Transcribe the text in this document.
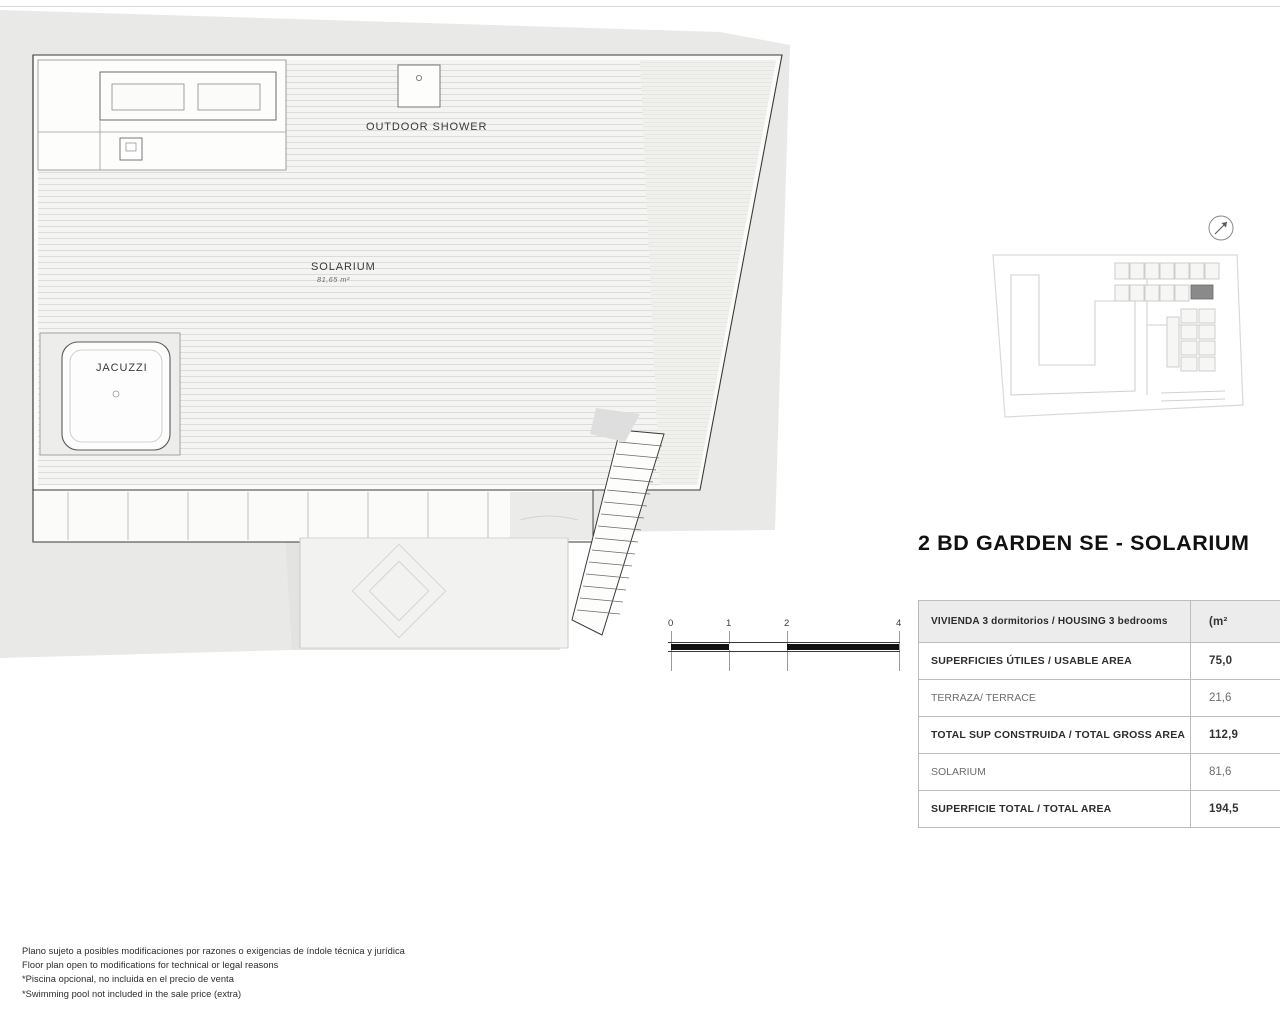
OUTDOOR SHOWER
SOLARIUM
81,65 m²
JACUZZI
2 BD GARDEN SE - SOLARIUM
0	1	2	4	VIVIENDA 3 dormitorios / HOUSING 3 bedrooms	(m²
SUPERFICIES ÚTILES / USABLE AREA	75,0
TERRAZA/ TERRACE	21,6
TOTAL SUP CONSTRUIDA / TOTAL GROSS AREA	112,9
SOLARIUM	81,6
SUPERFICIE TOTAL / TOTAL AREA	194,5
Plano sujeto a posibles modificaciones por razones o exigencias de índole técnica y jurídica
Floor plan open to modifications for technical or legal reasons
*Piscina opcional, no incluida en el precio de venta
*Swimming pool not included in the sale price (extra)
